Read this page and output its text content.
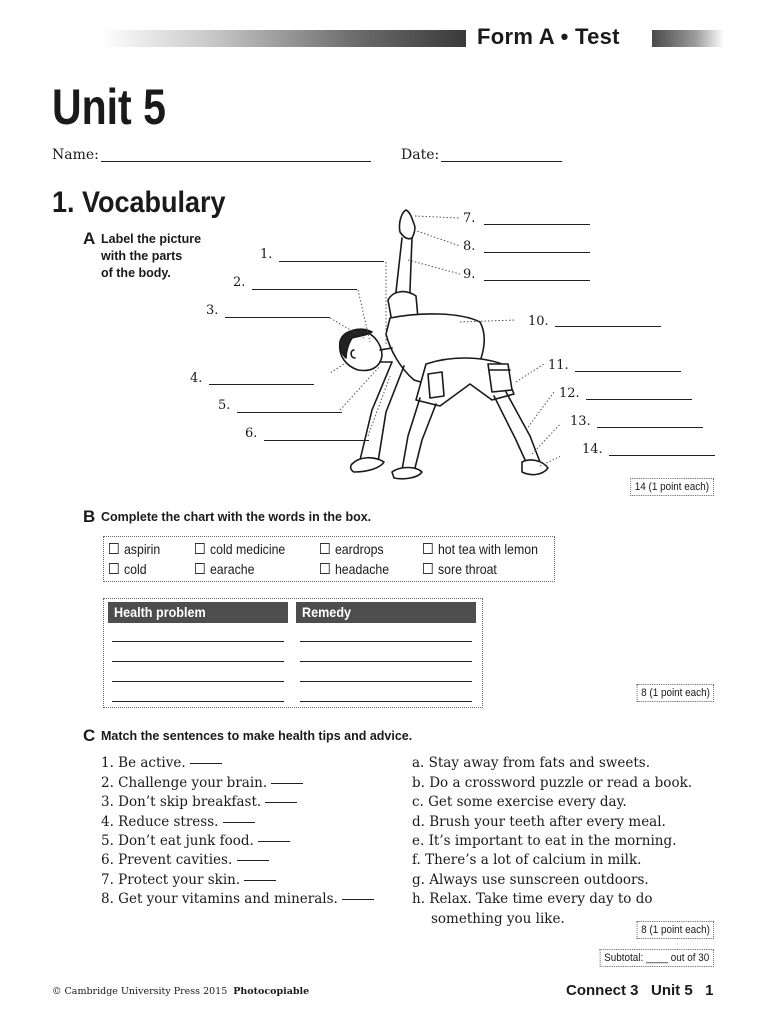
Form A • Test
Unit 5
Name:	Date:
1. Vocabulary
A Label the picture
with the parts
of the body.
1.
2.
3.
4.
5.
6.
7.
8.
9.
10.
11.
12.
13.
14.
14 (1 point each)
B Complete the chart with the words in the box.
aspirin	cold medicine	eardrops	hot tea with lemon
cold	earache	headache	sore throat
Health problem	Remedy
8 (1 point each)
C Match the sentences to make health tips and advice.
1. Be active.
2. Challenge your brain.
3. Don’t skip breakfast.
4. Reduce stress.
5. Don’t eat junk food.
6. Prevent cavities.
7. Protect your skin.
8. Get your vitamins and minerals.
a. Stay away from fats and sweets.
b. Do a crossword puzzle or read a book.
c. Get some exercise every day.
d. Brush your teeth after every meal.
e. It’s important to eat in the morning.
f. There’s a lot of calcium in milk.
g. Always use sunscreen outdoors.
h. Relax. Take time every day to do
something you like.
8 (1 point each)
Subtotal: ____ out of 30
© Cambridge University Press 2015 Photocopiable	Connect 3   Unit 5   1
